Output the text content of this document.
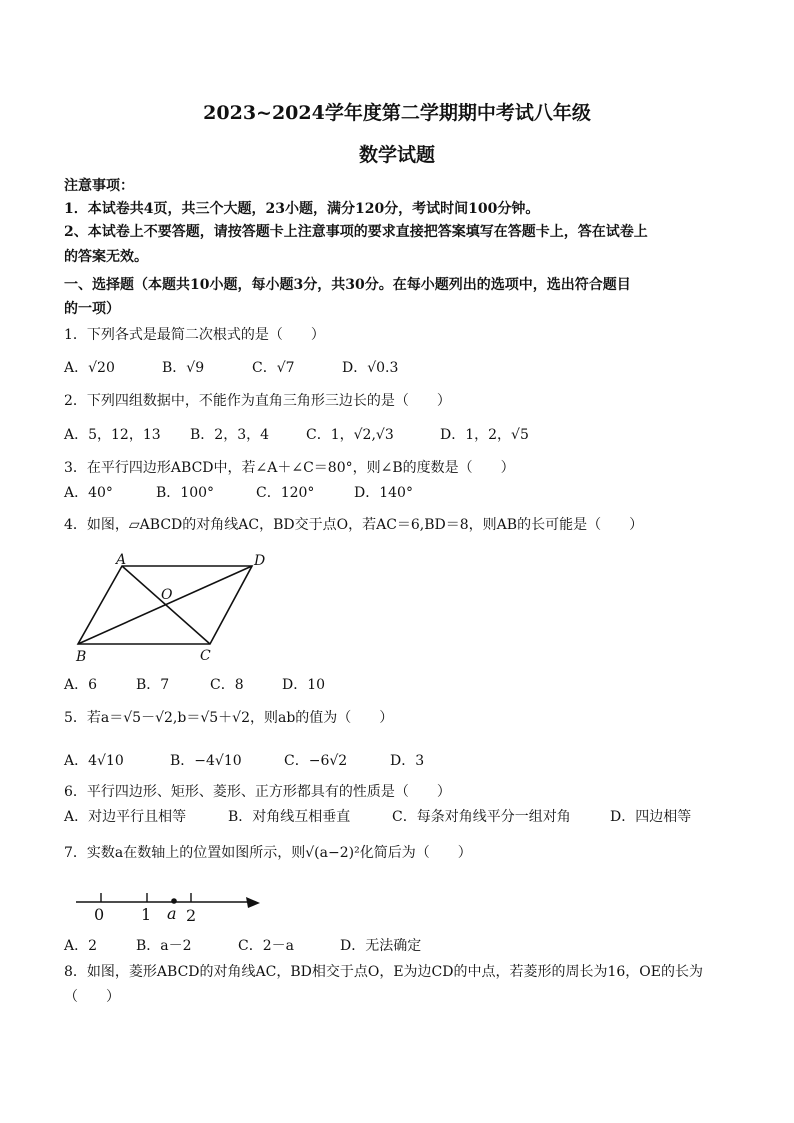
2023~2024学年度第二学期期中考试八年级
数学试题
注意事项：
1．本试卷共4页，共三个大题，23小题，满分120分，考试时间100分钟。
2、本试卷上不要答题，请按答题卡上注意事项的要求直接把答案填写在答题卡上，答在试卷上
的答案无效。
一、选择题（本题共10小题，每小题3分，共30分。在每小题列出的选项中，选出符合题目
的一项）
1．下列各式是最简二次根式的是（　　）
A．√20	B．√9	C．√7	D．√0.3
2．下列四组数据中，不能作为直角三角形三边长的是（　　）
A．5，12，13 B．2，3，4	C．1，√2,√3	D．1，2，√5
3．在平行四边形ABCD中，若∠A＋∠C＝80°，则∠B的度数是（　　）
A．40°	B．100°	C．120°	D．140°
4．如图，▱ABCD的对角线AC，BD交于点O，若AC＝6,BD＝8，则AB的长可能是（　　）
A	D
B	C
O
A．6	B．7	C．8	D．10
5．若a＝√5－√2,b＝√5＋√2，则ab的值为（　　）
A．4√10	B．−4√10	C．−6√2	D．3
6．平行四边形、矩形、菱形、正方形都具有的性质是（　　）
A．对边平行且相等	B．对角线互相垂直	C．每条对角线平分一组对角	D．四边相等
7．实数a在数轴上的位置如图所示，则√(a−2)²化简后为（　　）
0 1 a 2
A．2	B．a－2	C．2－a	D．无法确定
8．如图，菱形ABCD的对角线AC，BD相交于点O，E为边CD的中点，若菱形的周长为16，OE的长为
（　　）
